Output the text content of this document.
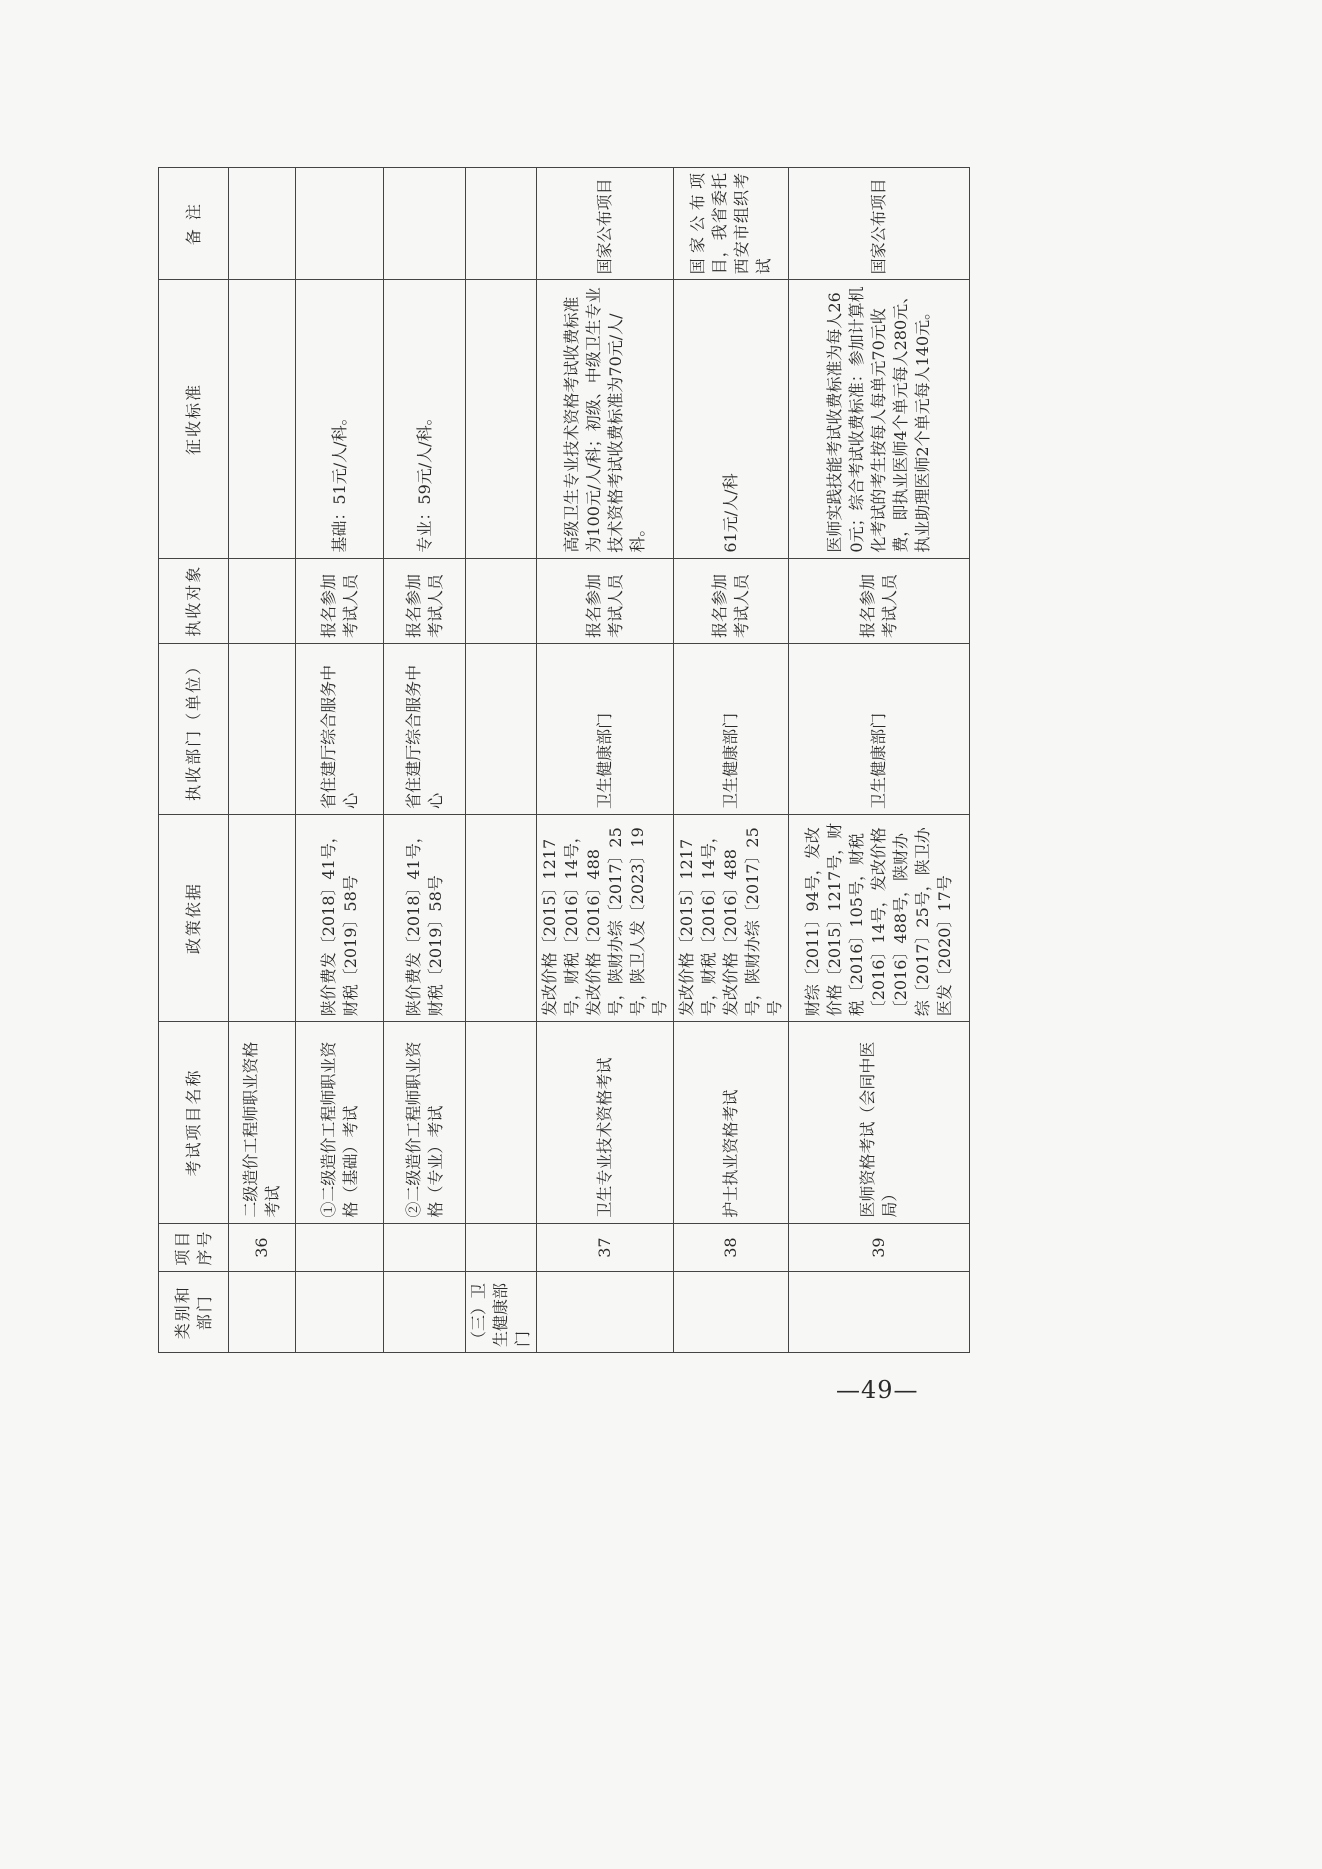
类别和部门	项目序号	考试项目名称	政策依据	执收部门（单位）	执收对象	征收标准	备 注
	36	二级造价工程师职业资格考试					
		①二级造价工程师职业资格（基础）考试	陕价费发〔2018〕41号，财税〔2019〕58号	省住建厅综合服务中心	报名参加考试人员	基础：51元/人/科。	
		②二级造价工程师职业资格（专业）考试	陕价费发〔2018〕41号，财税〔2019〕58号	省住建厅综合服务中心	报名参加考试人员	专业：59元/人/科。	
（三）卫生健康部门							
	37	卫生专业技术资格考试	发改价格〔2015〕1217号，财税〔2016〕14号，发改价格〔2016〕488号，陕财办综〔2017〕25号，陕卫人发〔2023〕19号	卫生健康部门	报名参加考试人员	高级卫生专业技术资格考试收费标准为100元/人/科；初级、中级卫生专业技术资格考试收费标准为70元/人/科。	国家公布项目
	38	护士执业资格考试	发改价格〔2015〕1217号，财税〔2016〕14号，发改价格〔2016〕488号，陕财办综〔2017〕25号	卫生健康部门	报名参加考试人员	61元/人/科	国家公布项目，我省委托西安市组织考试
	39	医师资格考试（会同中医局）	财综〔2011〕94号，发改价格〔2015〕1217号，财税〔2016〕105号，财税〔2016〕14号，发改价格〔2016〕488号，陕财办综〔2017〕25号，陕卫办医发〔2020〕17号	卫生健康部门	报名参加考试人员	医师实践技能考试收费标准为每人260元；综合考试收费标准：参加计算机化考试的考生按每人每单元70元收费，即执业医师4个单元每人280元、执业助理医师2个单元每人140元。	国家公布项目
—49—
